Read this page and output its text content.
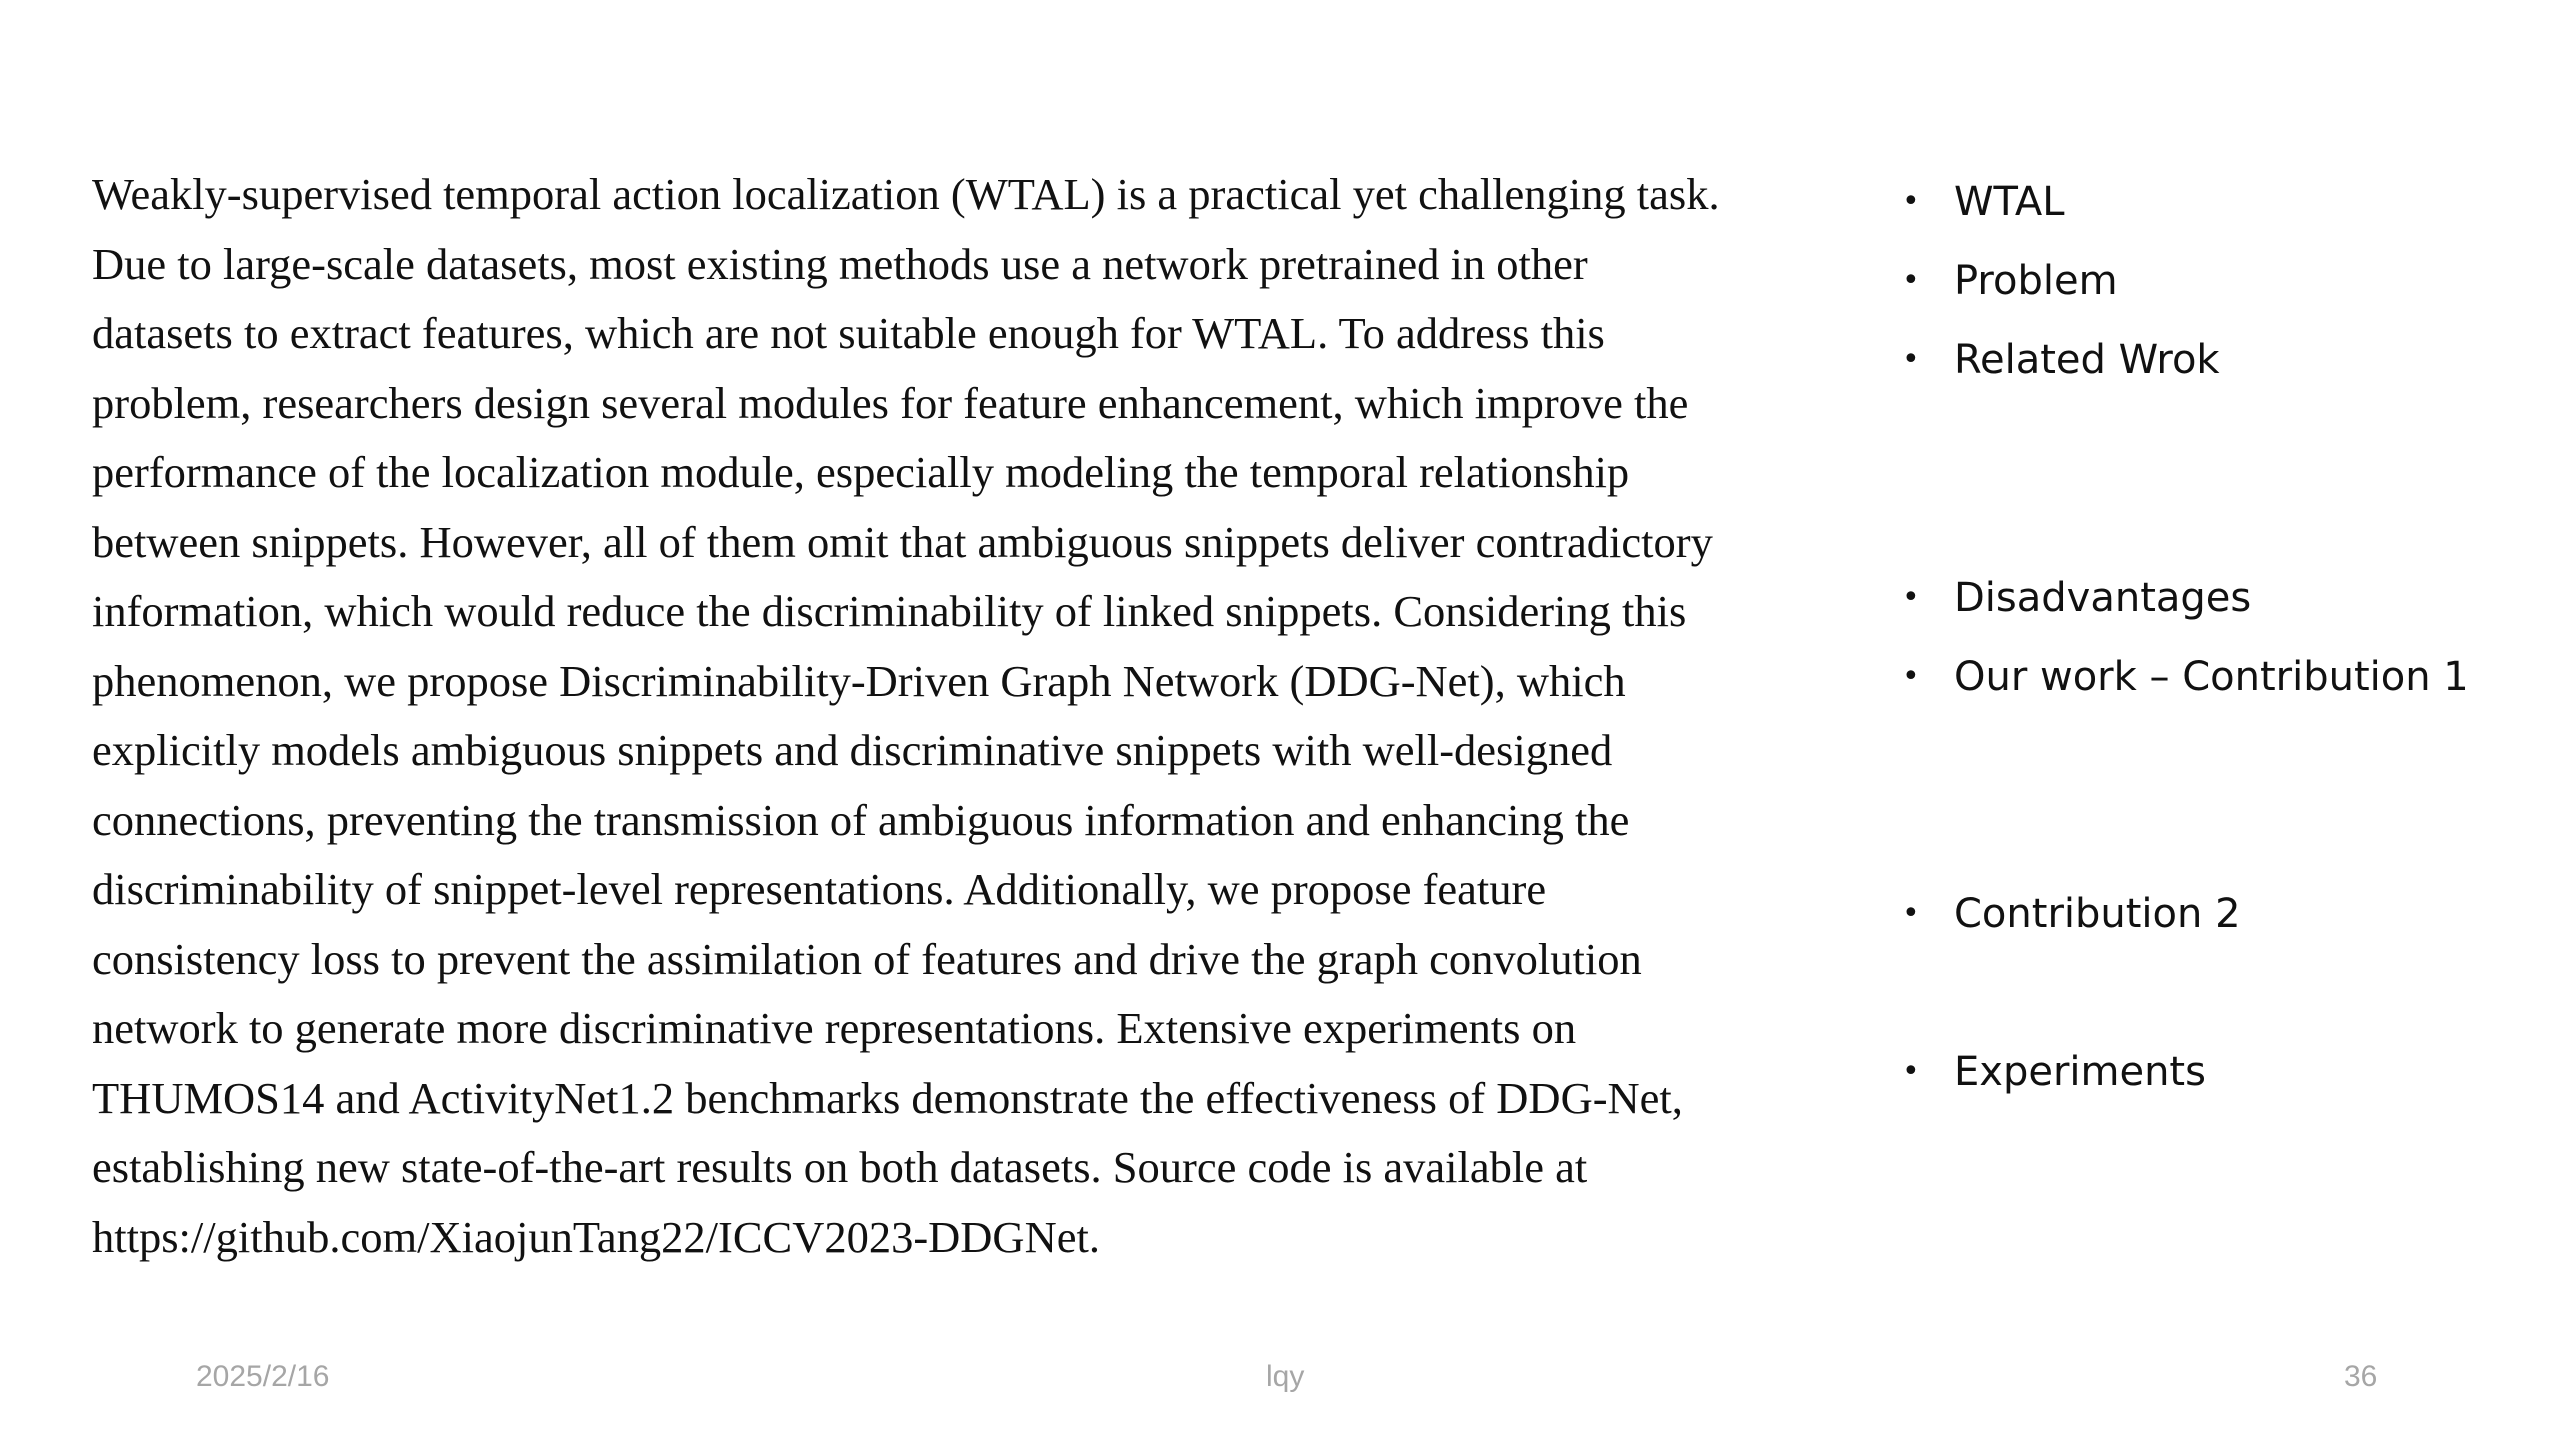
Weakly-supervised temporal action localization (WTAL) is a practical yet challenging task.
Due to large-scale datasets, most existing methods use a network pretrained in other
datasets to extract features, which are not suitable enough for WTAL. To address this
problem, researchers design several modules for feature enhancement, which improve the
performance of the localization module, especially modeling the temporal relationship
between snippets. However, all of them omit that ambiguous snippets deliver contradictory
information, which would reduce the discriminability of linked snippets. Considering this
phenomenon, we propose Discriminability-Driven Graph Network (DDG-Net), which
explicitly models ambiguous snippets and discriminative snippets with well-designed
connections, preventing the transmission of ambiguous information and enhancing the
discriminability of snippet-level representations. Additionally, we propose feature
consistency loss to prevent the assimilation of features and drive the graph convolution
network to generate more discriminative representations. Extensive experiments on
THUMOS14 and ActivityNet1.2 benchmarks demonstrate the effectiveness of DDG-Net,
establishing new state-of-the-art results on both datasets. Source code is available at
https://github.com/XiaojunTang22/ICCV2023-DDGNet.
• WTAL
• Problem
• Related Wrok
• Disadvantages
• Our work – Contribution 1
• Contribution 2
• Experiments
2025/2/16	lqy	36
